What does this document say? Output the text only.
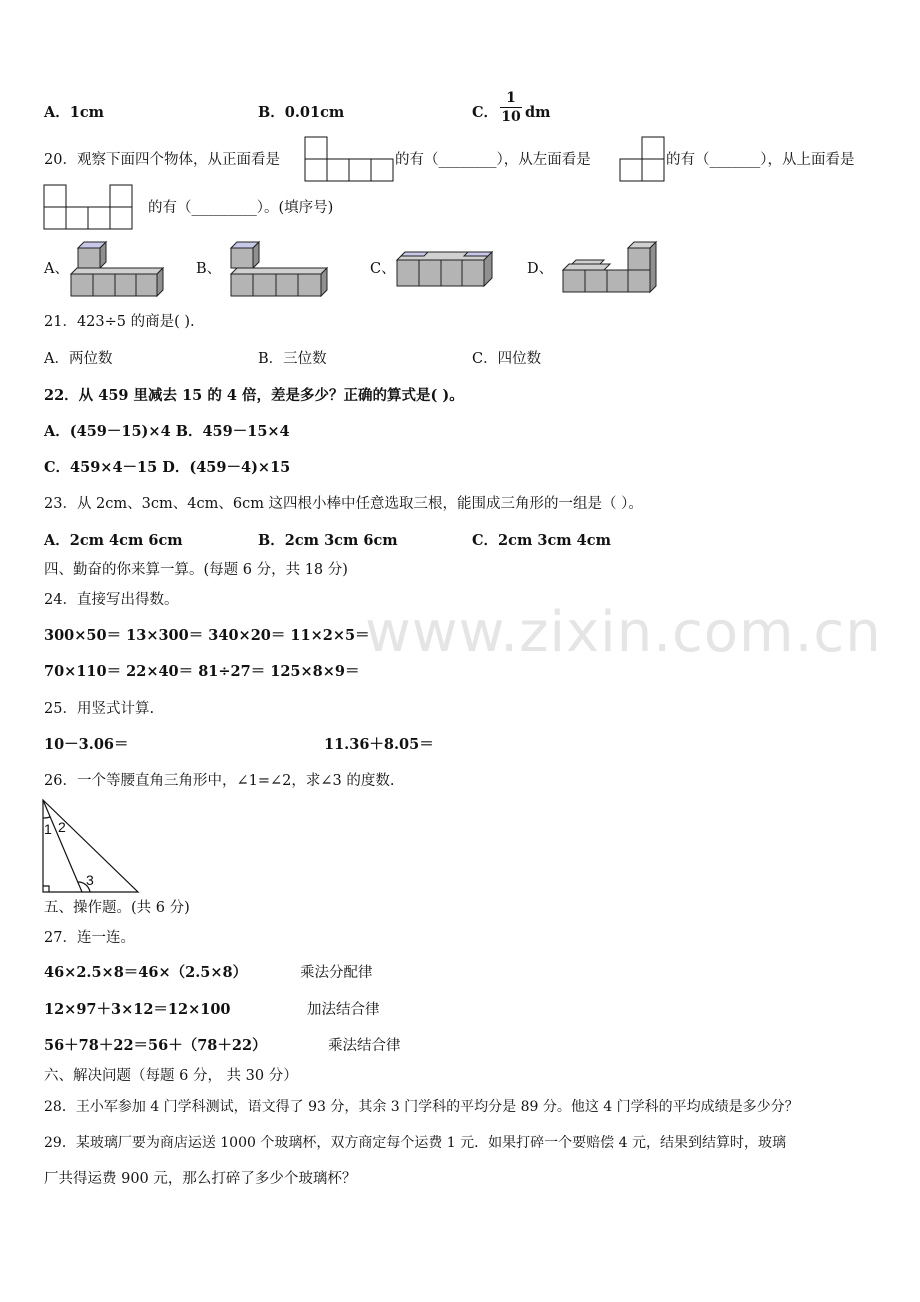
www.zixin.com.cn
A．1cm	B．0.01cm	C．
1
10 dm
20．观察下面四个物体，从正面看是	的有（________），从左面看是	的有（_______），从上面看是
的有（_________）。(填序号)
A、	B、	C、	D、
21．423÷5 的商是( ).
A．两位数	B．三位数	C．四位数
22．从 459 里减去 15 的 4 倍，差是多少？正确的算式是( )。
A．(459－15)×4 B．459－15×4
C．459×4－15 D．(459－4)×15
23．从 2cm、3cm、4cm、6cm 这四根小棒中任意选取三根，能围成三角形的一组是（ ）。
A．2cm 4cm 6cm	B．2cm 3cm 6cm	C．2cm 3cm 4cm
四、勤奋的你来算一算。(每题 6 分，共 18 分)
24．直接写出得数。
300×50＝ 13×300＝ 340×20＝ 11×2×5＝
70×110＝ 22×40＝ 81÷27＝ 125×8×9＝
25．用竖式计算.
10－3.06＝	11.36＋8.05＝
26．一个等腰直角三角形中，∠1=∠2，求∠3 的度数.
1 2
3
五、操作题。(共 6 分)
27．连一连。
46×2.5×8＝46×（2.5×8）	乘法分配律
12×97＋3×12＝12×100	加法结合律
56＋78＋22＝56＋（78＋22）	乘法结合律
六、解决问题（每题 6 分， 共 30 分）
28．王小军参加 4 门学科测试，语文得了 93 分，其余 3 门学科的平均分是 89 分。他这 4 门学科的平均成绩是多少分？
29．某玻璃厂要为商店运送 1000 个玻璃杯，双方商定每个运费 1 元．如果打碎一个要赔偿 4 元，结果到结算时，玻璃
厂共得运费 900 元，那么打碎了多少个玻璃杯？
